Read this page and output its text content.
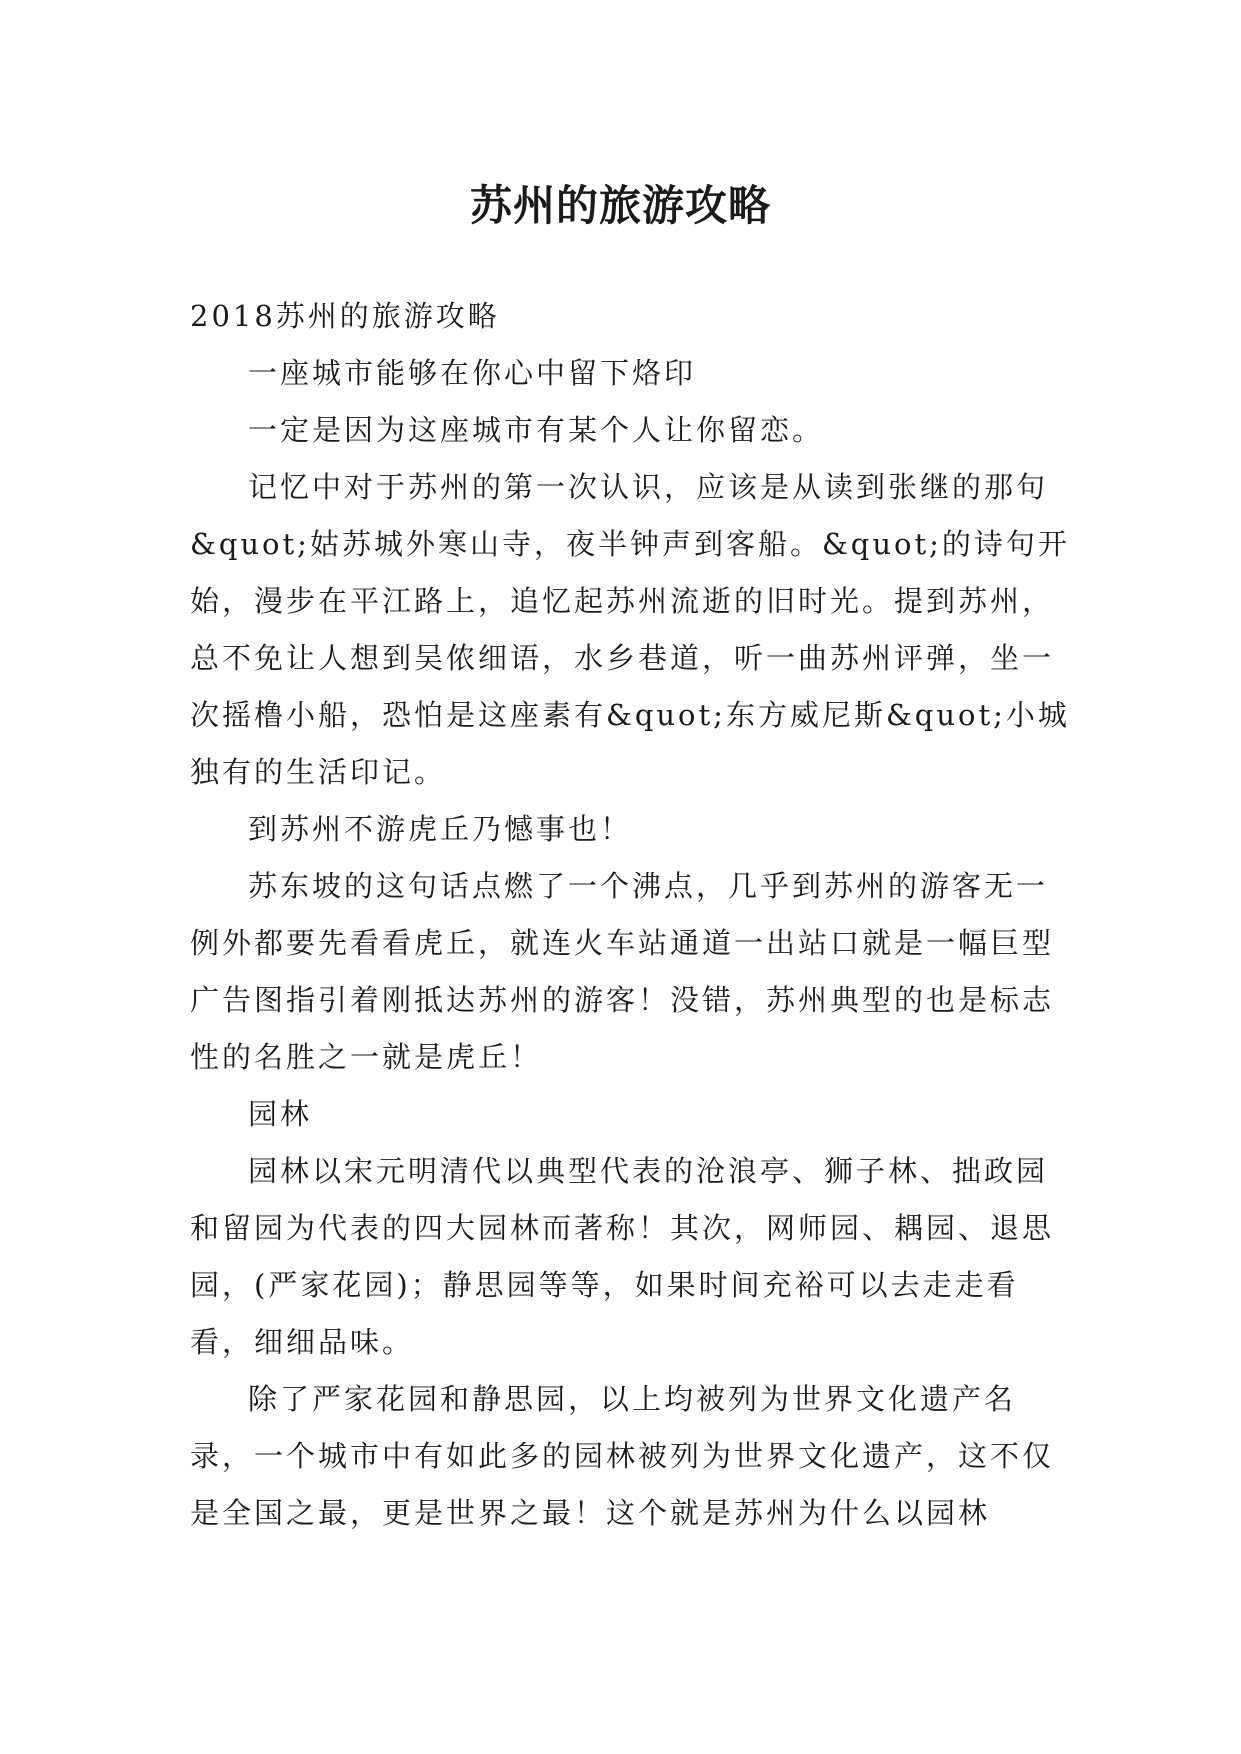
苏州的旅游攻略

2018苏州的旅游攻略

一座城市能够在你心中留下烙印

一定是因为这座城市有某个人让你留恋。

记忆中对于苏州的第一次认识，应该是从读到张继的那句&quot;姑苏城外寒山寺，夜半钟声到客船。&quot;的诗句开始，漫步在平江路上，追忆起苏州流逝的旧时光。提到苏州，总不免让人想到吴侬细语，水乡巷道，听一曲苏州评弹，坐一次摇橹小船，恐怕是这座素有&quot;东方威尼斯&quot;小城独有的生活印记。

到苏州不游虎丘乃憾事也！

苏东坡的这句话点燃了一个沸点，几乎到苏州的游客无一例外都要先看看虎丘，就连火车站通道一出站口就是一幅巨型广告图指引着刚抵达苏州的游客！没错，苏州典型的也是标志性的名胜之一就是虎丘！

园林

园林以宋元明清代以典型代表的沧浪亭、狮子林、拙政园和留园为代表的四大园林而著称！其次，网师园、耦园、退思园，(严家花园)；静思园等等，如果时间充裕可以去走走看看，细细品味。

除了严家花园和静思园，以上均被列为世界文化遗产名录，一个城市中有如此多的园林被列为世界文化遗产，这不仅是全国之最，更是世界之最！这个就是苏州为什么以园林
